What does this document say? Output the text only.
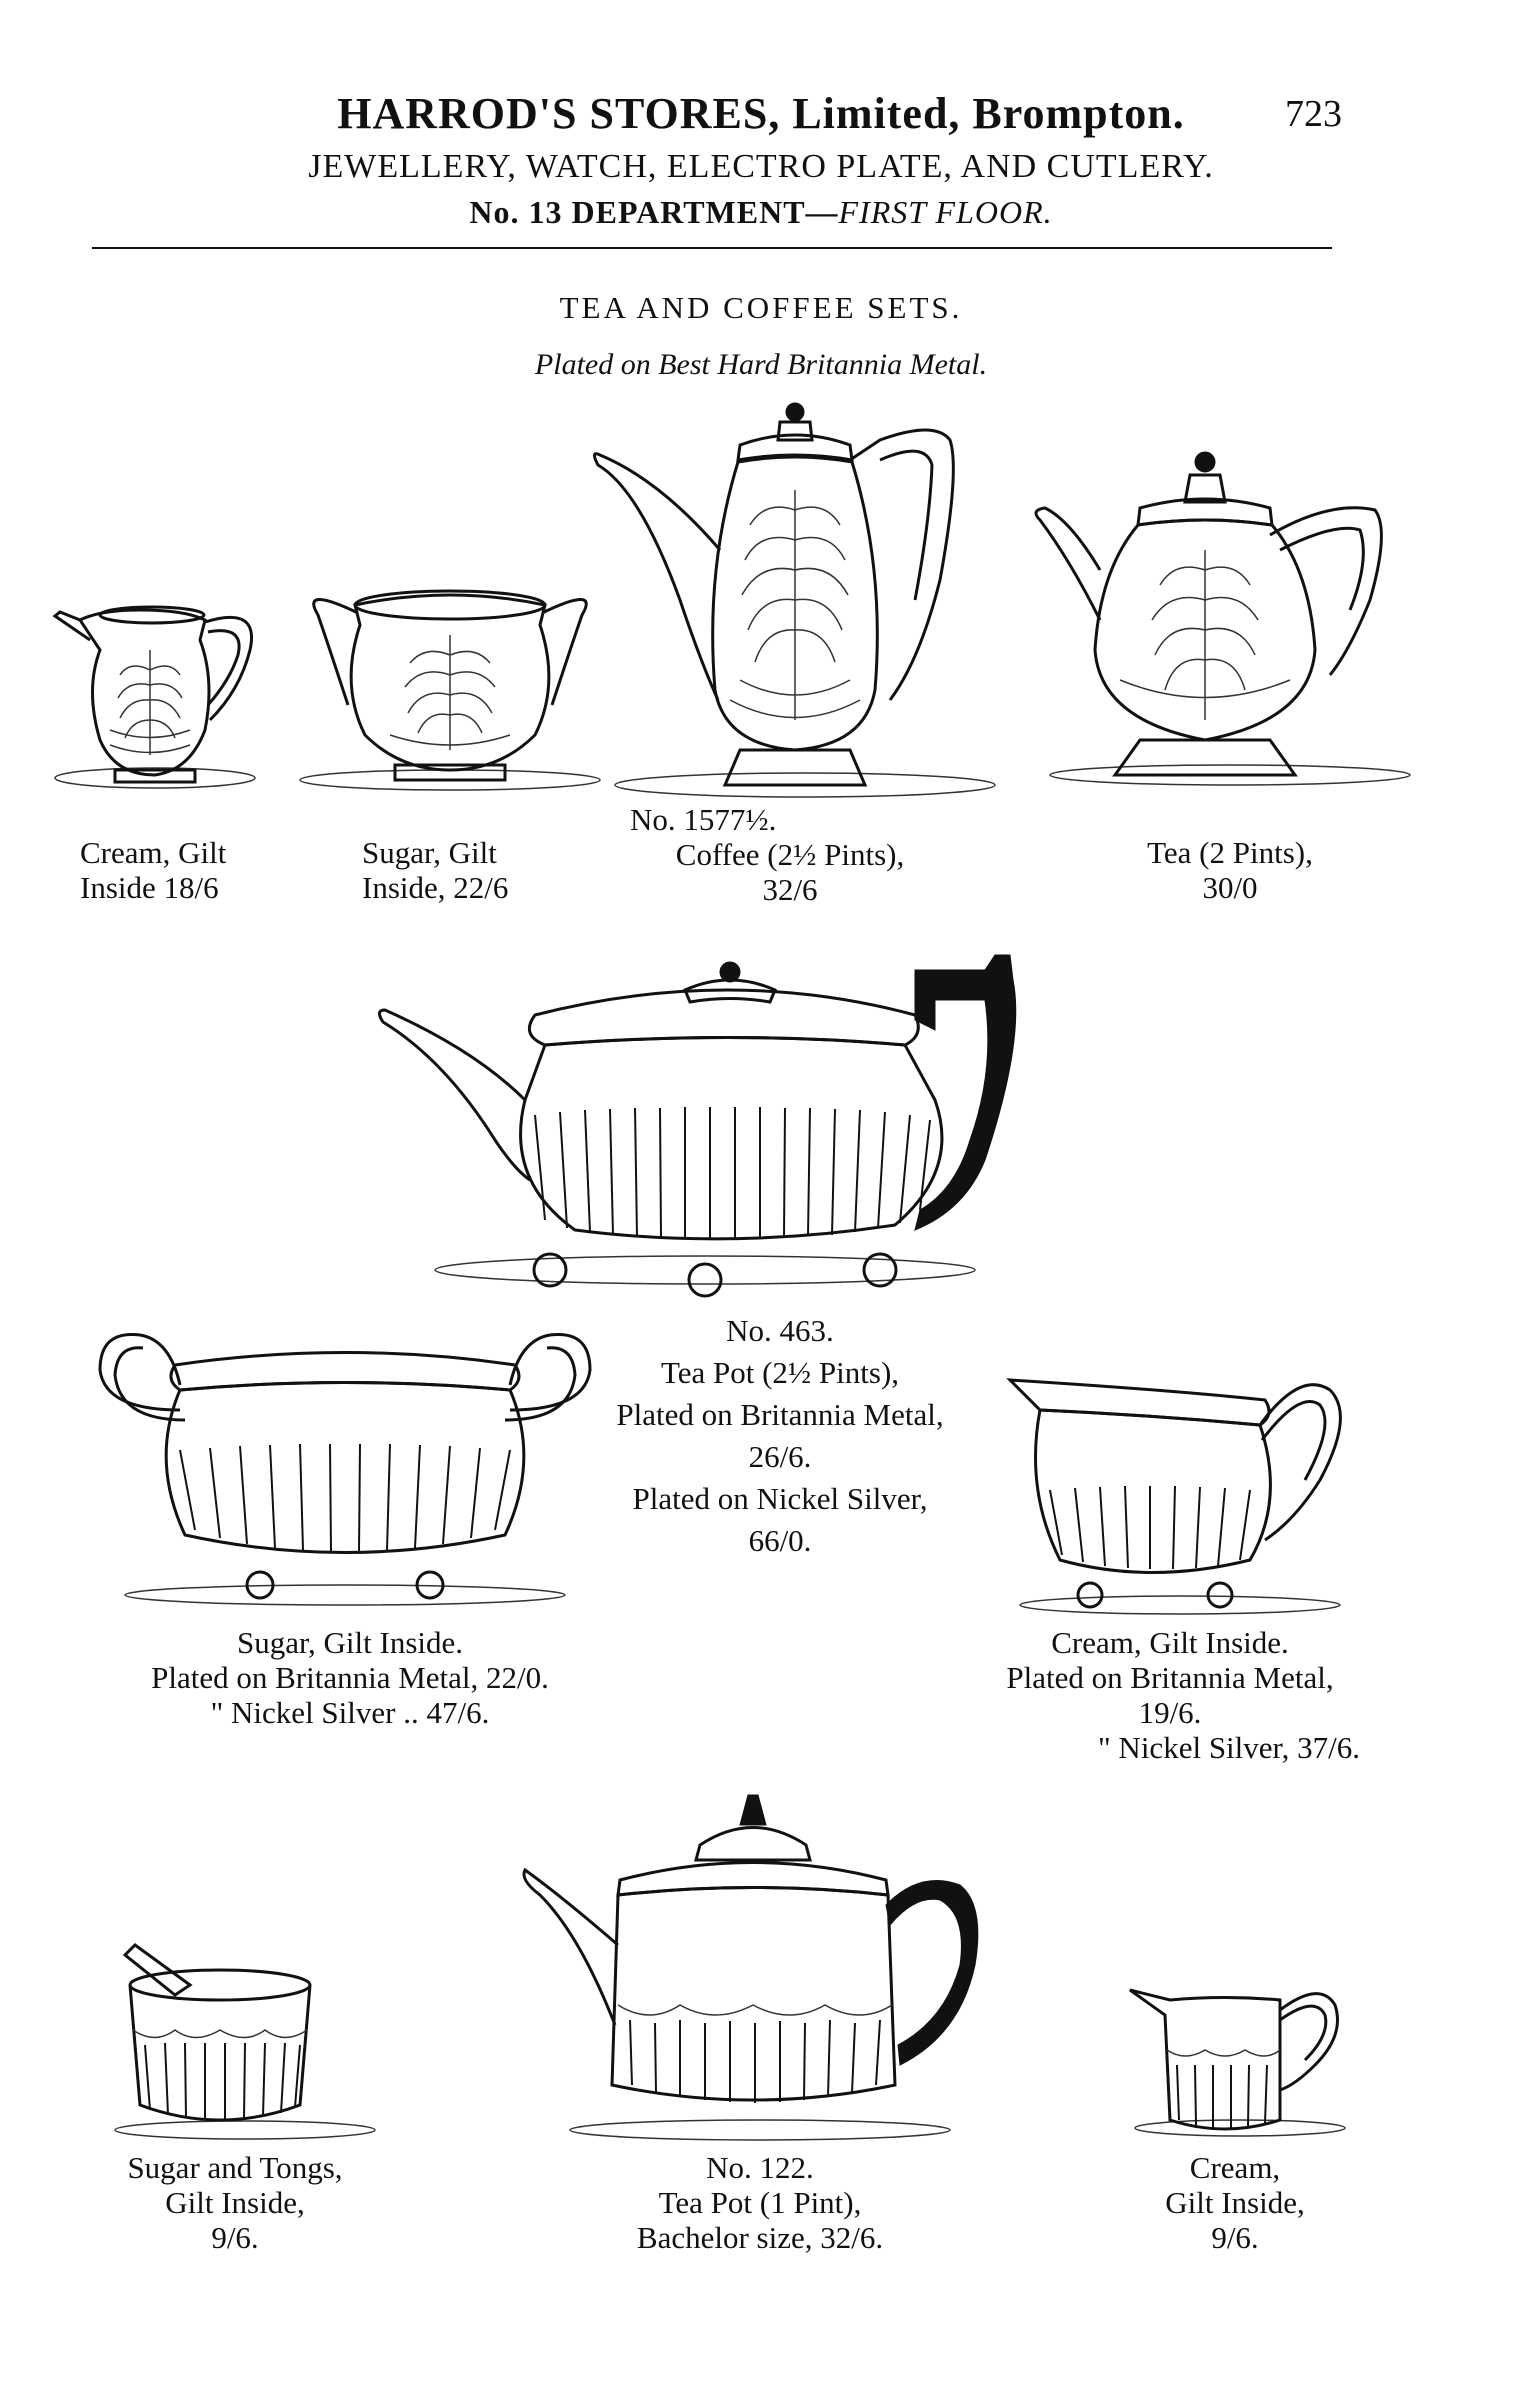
HARROD'S STORES, Limited, Brompton.	723
JEWELLERY, WATCH, ELECTRO PLATE, AND CUTLERY.
No. 13 DEPARTMENT—FIRST FLOOR.
TEA AND COFFEE SETS.
Plated on Best Hard Britannia Metal.
Cream, Gilt
Inside 18/6
Sugar, Gilt
Inside, 22/6
No. 1577½.
Coffee (2½ Pints),
32/6
Tea (2 Pints),
30/0
No. 463.
Tea Pot (2½ Pints),
Plated on Britannia Metal,
26/6.
Plated on Nickel Silver,
66/0.
Sugar, Gilt Inside.
Plated on Britannia Metal, 22/0.
" Nickel Silver .. 47/6.
Cream, Gilt Inside.
Plated on Britannia Metal,
19/6.
" Nickel Silver, 37/6.
Sugar and Tongs,
Gilt Inside,
9/6.
No. 122.
Tea Pot (1 Pint),
Bachelor size, 32/6.
Cream,
Gilt Inside,
9/6.
